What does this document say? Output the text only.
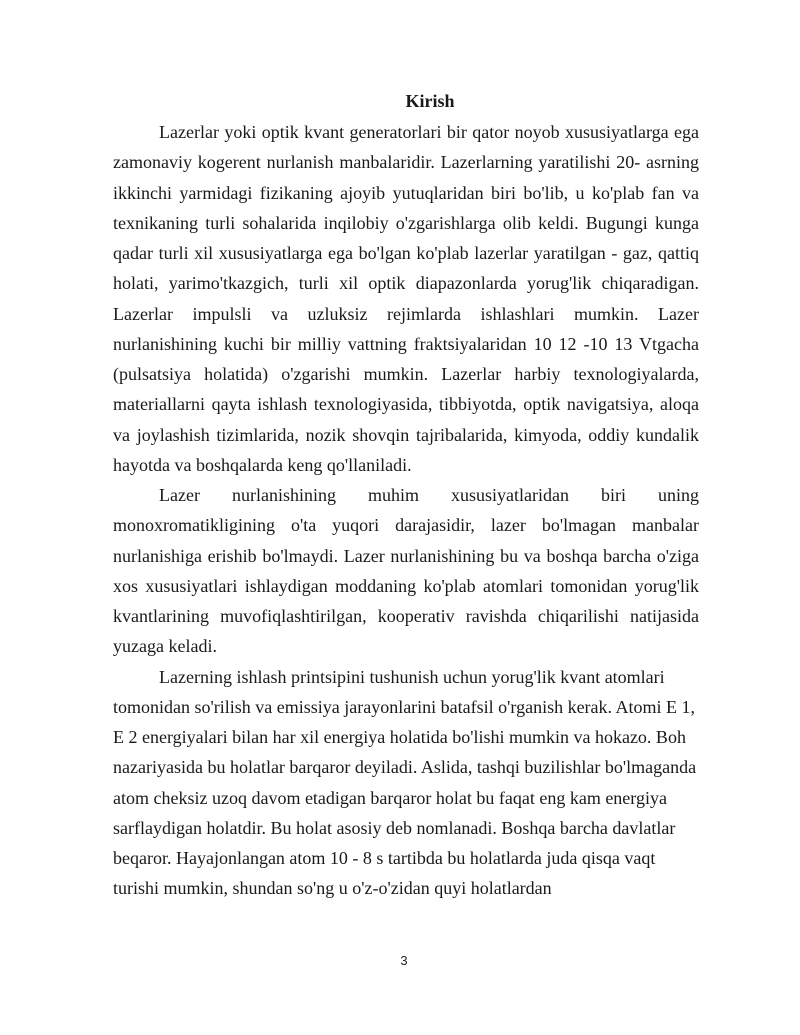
Kirish

Lazerlar yoki optik kvant generatorlari bir qator noyob xususiyatlarga ega zamonaviy kogerent nurlanish manbalaridir. Lazerlarning yaratilishi 20- asrning ikkinchi yarmidagi fizikaning ajoyib yutuqlaridan biri bo'lib, u ko'plab fan va texnikaning turli sohalarida inqilobiy o'zgarishlarga olib keldi. Bugungi kunga qadar turli xil xususiyatlarga ega bo'lgan ko'plab lazerlar yaratilgan - gaz, qattiq holati, yarimo'tkazgich, turli xil optik diapazonlarda yorug'lik chiqaradigan. Lazerlar impulsli va uzluksiz rejimlarda ishlashlari mumkin. Lazer nurlanishining kuchi bir milliy vattning fraktsiyalaridan 10 12 -10 13 Vtgacha (pulsatsiya holatida) o'zgarishi mumkin. Lazerlar harbiy texnologiyalarda, materiallarni qayta ishlash texnologiyasida, tibbiyotda, optik navigatsiya, aloqa va joylashish tizimlarida, nozik shovqin tajribalarida, kimyoda, oddiy kundalik hayotda va boshqalarda keng qo'llaniladi.

Lazer nurlanishining muhim xususiyatlaridan biri uning monoxromatikligining o'ta yuqori darajasidir, lazer bo'lmagan manbalar nurlanishiga erishib bo'lmaydi. Lazer nurlanishining bu va boshqa barcha o'ziga xos xususiyatlari ishlaydigan moddaning ko'plab atomlari tomonidan yorug'lik kvantlarining muvofiqlashtirilgan, kooperativ ravishda chiqarilishi natijasida yuzaga keladi.

Lazerning ishlash printsipini tushunish uchun yorug'lik kvant atomlari tomonidan so'rilish va emissiya jarayonlarini batafsil o'rganish kerak. Atomi E 1, E 2 energiyalari bilan har xil energiya holatida bo'lishi mumkin va hokazo. Boh nazariyasida bu holatlar barqaror deyiladi. Aslida, tashqi buzilishlar bo'lmaganda atom cheksiz uzoq davom etadigan barqaror holat bu faqat eng kam energiya sarflaydigan holatdir. Bu holat asosiy deb nomlanadi. Boshqa barcha davlatlar beqaror. Hayajonlangan atom 10 - 8 s tartibda bu holatlarda juda qisqa vaqt turishi mumkin, shundan so'ng u o'z-o'zidan quyi holatlardan

3
